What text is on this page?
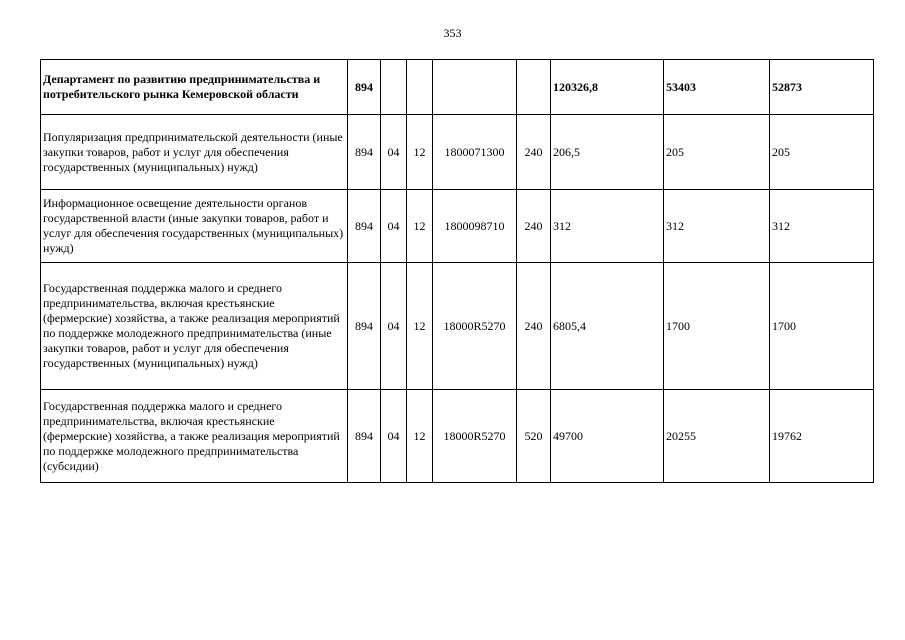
353
Департамент по развитию предпринимательства и потребительского рынка Кемеровской области	894					120326,8	53403	52873
Популяризация предпринимательской деятельности (иные закупки товаров, работ и услуг для обеспечения государственных (муниципальных) нужд)	894	04	12	1800071300	240	206,5	205	205
Информационное освещение деятельности органов государственной власти (иные закупки товаров, работ и услуг для обеспечения государственных (муниципальных) нужд)	894	04	12	1800098710	240	312	312	312
Государственная поддержка малого и среднего предпринимательства, включая крестьянские (фермерские) хозяйства, а также реализация мероприятий по поддержке молодежного предпринимательства (иные закупки товаров, работ и услуг для обеспечения государственных (муниципальных) нужд)	894	04	12	18000R5270	240	6805,4	1700	1700
Государственная поддержка малого и среднего предпринимательства, включая крестьянские (фермерские) хозяйства, а также реализация мероприятий по поддержке молодежного предпринимательства (субсидии)	894	04	12	18000R5270	520	49700	20255	19762
